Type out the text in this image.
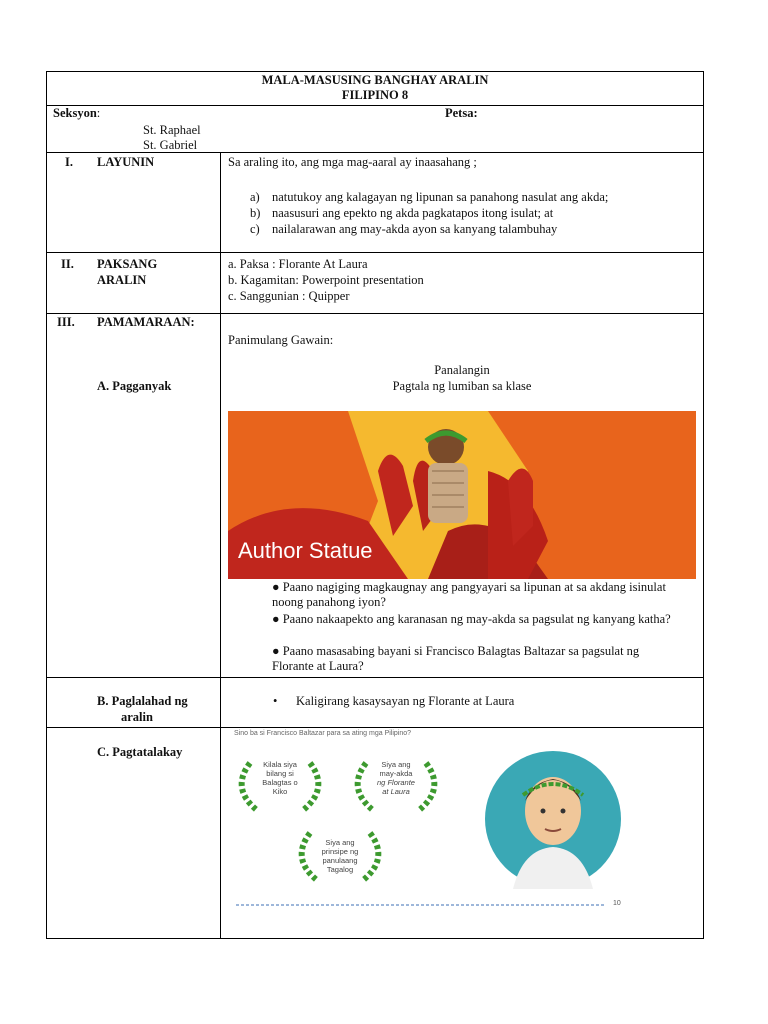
MALA-MASUSING BANGHAY ARALIN
FILIPINO 8
Seksyon:
St. Raphael
St. Gabriel
Petsa:
I. LAYUNIN	Sa araling ito, ang mga mag-aaral ay inaasahang ;
a) natutukoy ang kalagayan ng lipunan sa panahong nasulat ang akda;
b) naasusuri ang epekto ng akda pagkatapos itong isulat; at
c) nailalarawan ang may-akda ayon sa kanyang talambuhay
II. PAKSANG
ARALIN
a. Paksa : Florante At Laura
b. Kagamitan: Powerpoint presentation
c. Sanggunian : Quipper
III. PAMAMARAAN:
A. Pagganyak
Panimulang Gawain:
Panalangin
Pagtala ng lumiban sa klase
Author Statue
● Paano nagiging magkaugnay ang pangyayari sa lipunan at sa akdang isinulat noong panahong iyon?
● Paano nakaapekto ang karanasan ng may-akda sa pagsulat ng kanyang katha?
● Paano masasabing bayani si Francisco Balagtas Baltazar sa pagsulat ng Florante at Laura?
B. Paglalahad ng
aralin
• Kaligirang kasaysayan ng Florante at Laura
C. Pagtatalakay
Sino ba si Francisco Baltazar para sa ating mga Pilipino?
Kilala siya
bilang si
Balagtas o
Kiko
Siya ang
may-akda
ng Florante
at Laura
Siya ang
prinsipe ng
panulaang
Tagalog
10
